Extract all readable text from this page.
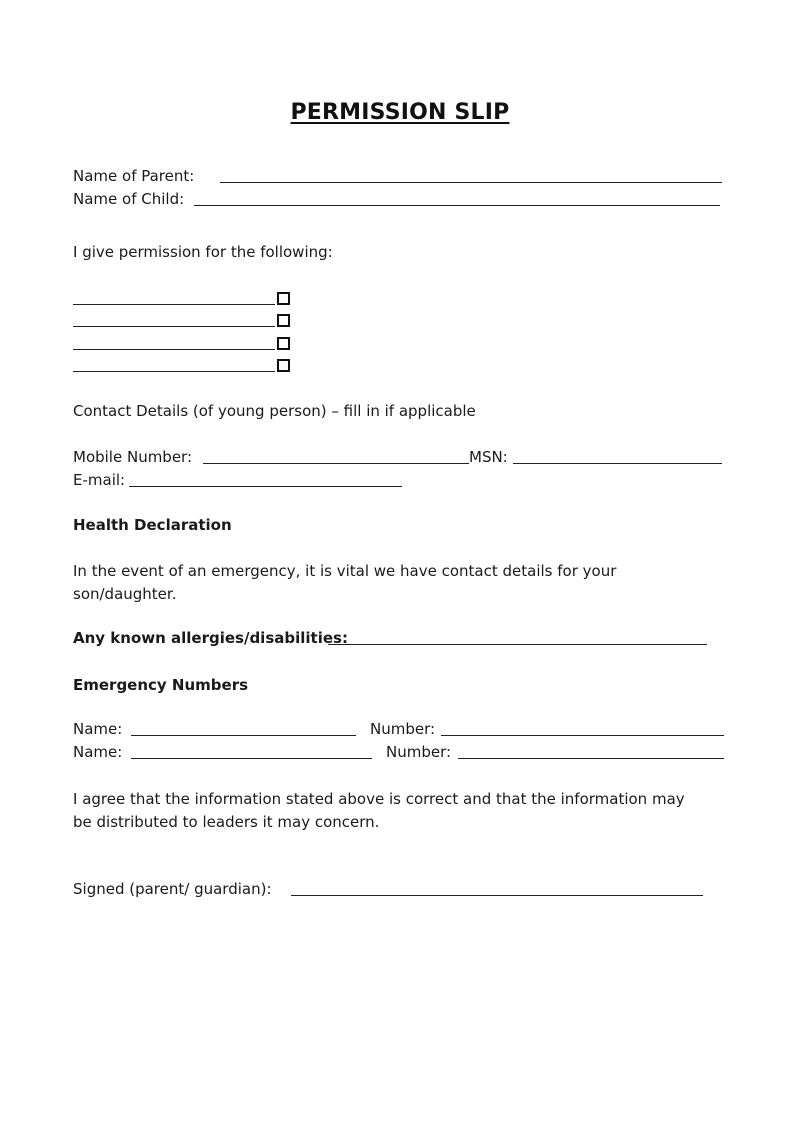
PERMISSION SLIP
Name of Parent:
Name of Child:
I give permission for the following:
Contact Details (of young person) – fill in if applicable
Mobile Number:	MSN:
E-mail:
Health Declaration
In the event of an emergency, it is vital we have contact details for your
son/daughter.
Any known allergies/disabilities:
Emergency Numbers
Name:	Number:
Name:	Number:
I agree that the information stated above is correct and that the information may
be distributed to leaders it may concern.
Signed (parent/ guardian):
